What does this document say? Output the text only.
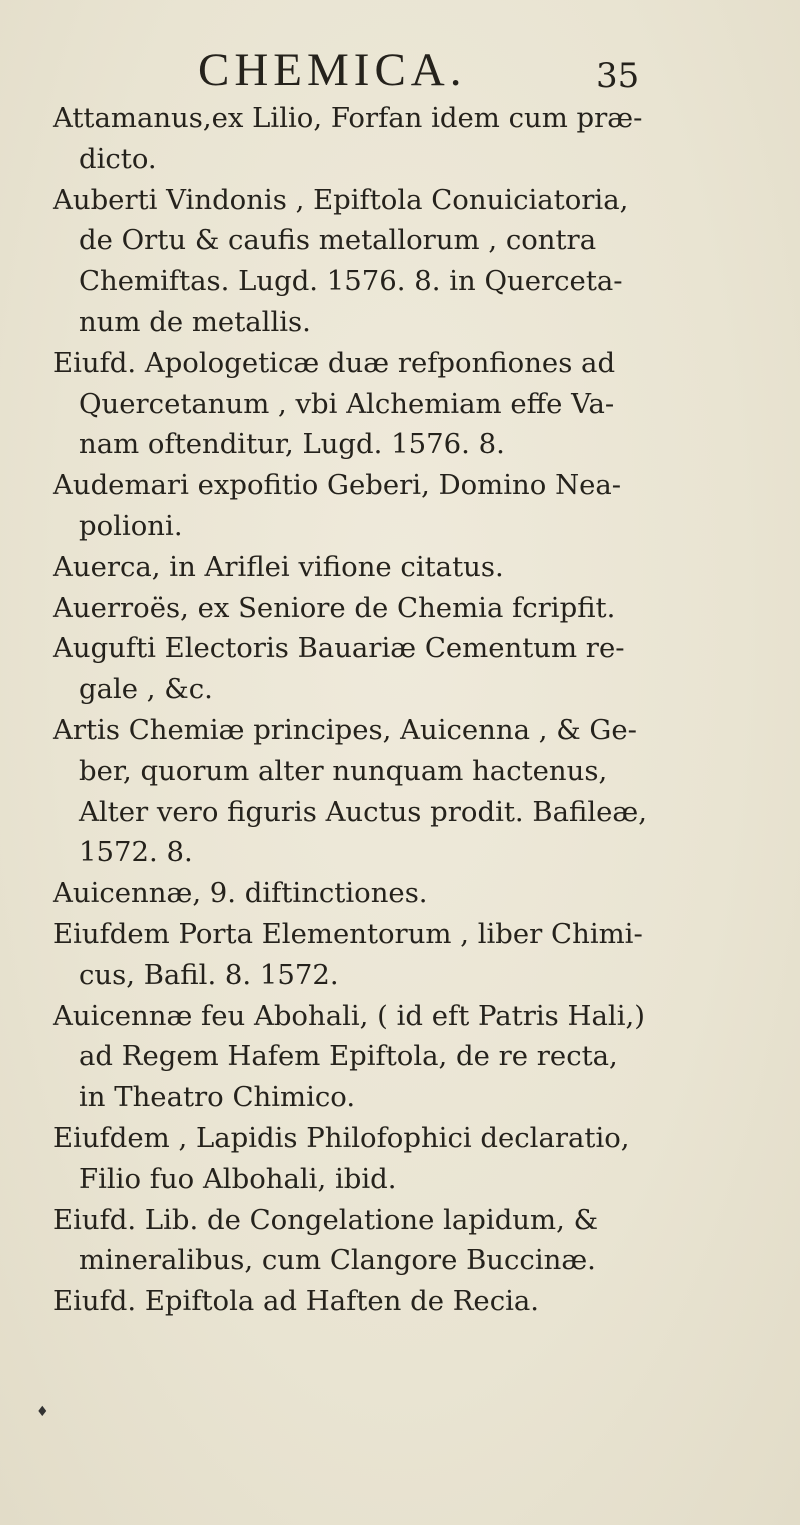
CHEMICA.	35
Attamanus,ex Lilio, Forfan idem cum præ-
dicto.
Auberti Vindonis , Epiftola Conuiciatoria,
de Ortu & caufis metallorum , contra
Chemiftas. Lugd. 1576. 8. in Querceta-
num de metallis.
Eiufd. Apologeticæ duæ refponfiones ad
Quercetanum , vbi Alchemiam effe Va-
nam oftenditur, Lugd. 1576. 8.
Audemari expofitio Geberi, Domino Nea-
polioni.
Auerca, in Ariflei vifione citatus.
Auerroës, ex Seniore de Chemia fcripfit.
Augufti Electoris Bauariæ Cementum re-
gale , &c.
Artis Chemiæ principes, Auicenna , & Ge-
ber, quorum alter nunquam hactenus,
Alter vero figuris Auctus prodit. Bafileæ,
1572. 8.
Auicennæ, 9. diftinctiones.
Eiufdem Porta Elementorum , liber Chimi-
cus, Bafil. 8. 1572.
Auicennæ feu Abohali, ( id eft Patris Hali,)
ad Regem Hafem Epiftola, de re recta,
in Theatro Chimico.
Eiufdem , Lapidis Philofophici declaratio,
Filio fuo Albohali, ibid.
Eiufd. Lib. de Congelatione lapidum, &
mineralibus, cum Clangore Buccinæ.
Eiufd. Epiftola ad Haften de Recia.
♦
